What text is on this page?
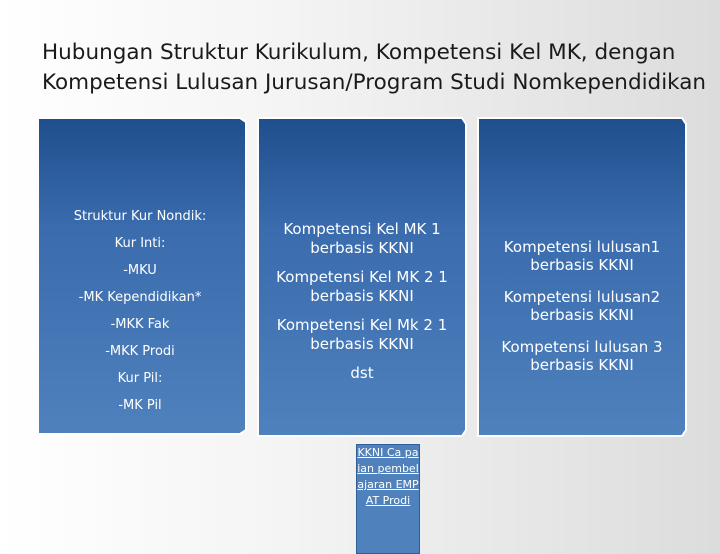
Hubungan Struktur Kurikulum, Kompetensi Kel MK, dengan
Kompetensi Lulusan Jurusan/Program Studi Nomkependidikan
Struktur Kur Nondik:
Kur Inti:
-MKU
-MK Kependidikan*
-MKK Fak
-MKK Prodi
Kur Pil:
-MK Pil
Kompetensi Kel MK 1 berbasis KKNI
Kompetensi Kel MK 2 1 berbasis KKNI
Kompetensi Kel Mk 2 1 berbasis KKNI
dst
Kompetensi lulusan1 berbasis KKNI
Kompetensi lulusan2 berbasis KKNI
Kompetensi lulusan 3 berbasis KKNI
KKNI Ca paian pembel ajaran EMPAT Prodi
